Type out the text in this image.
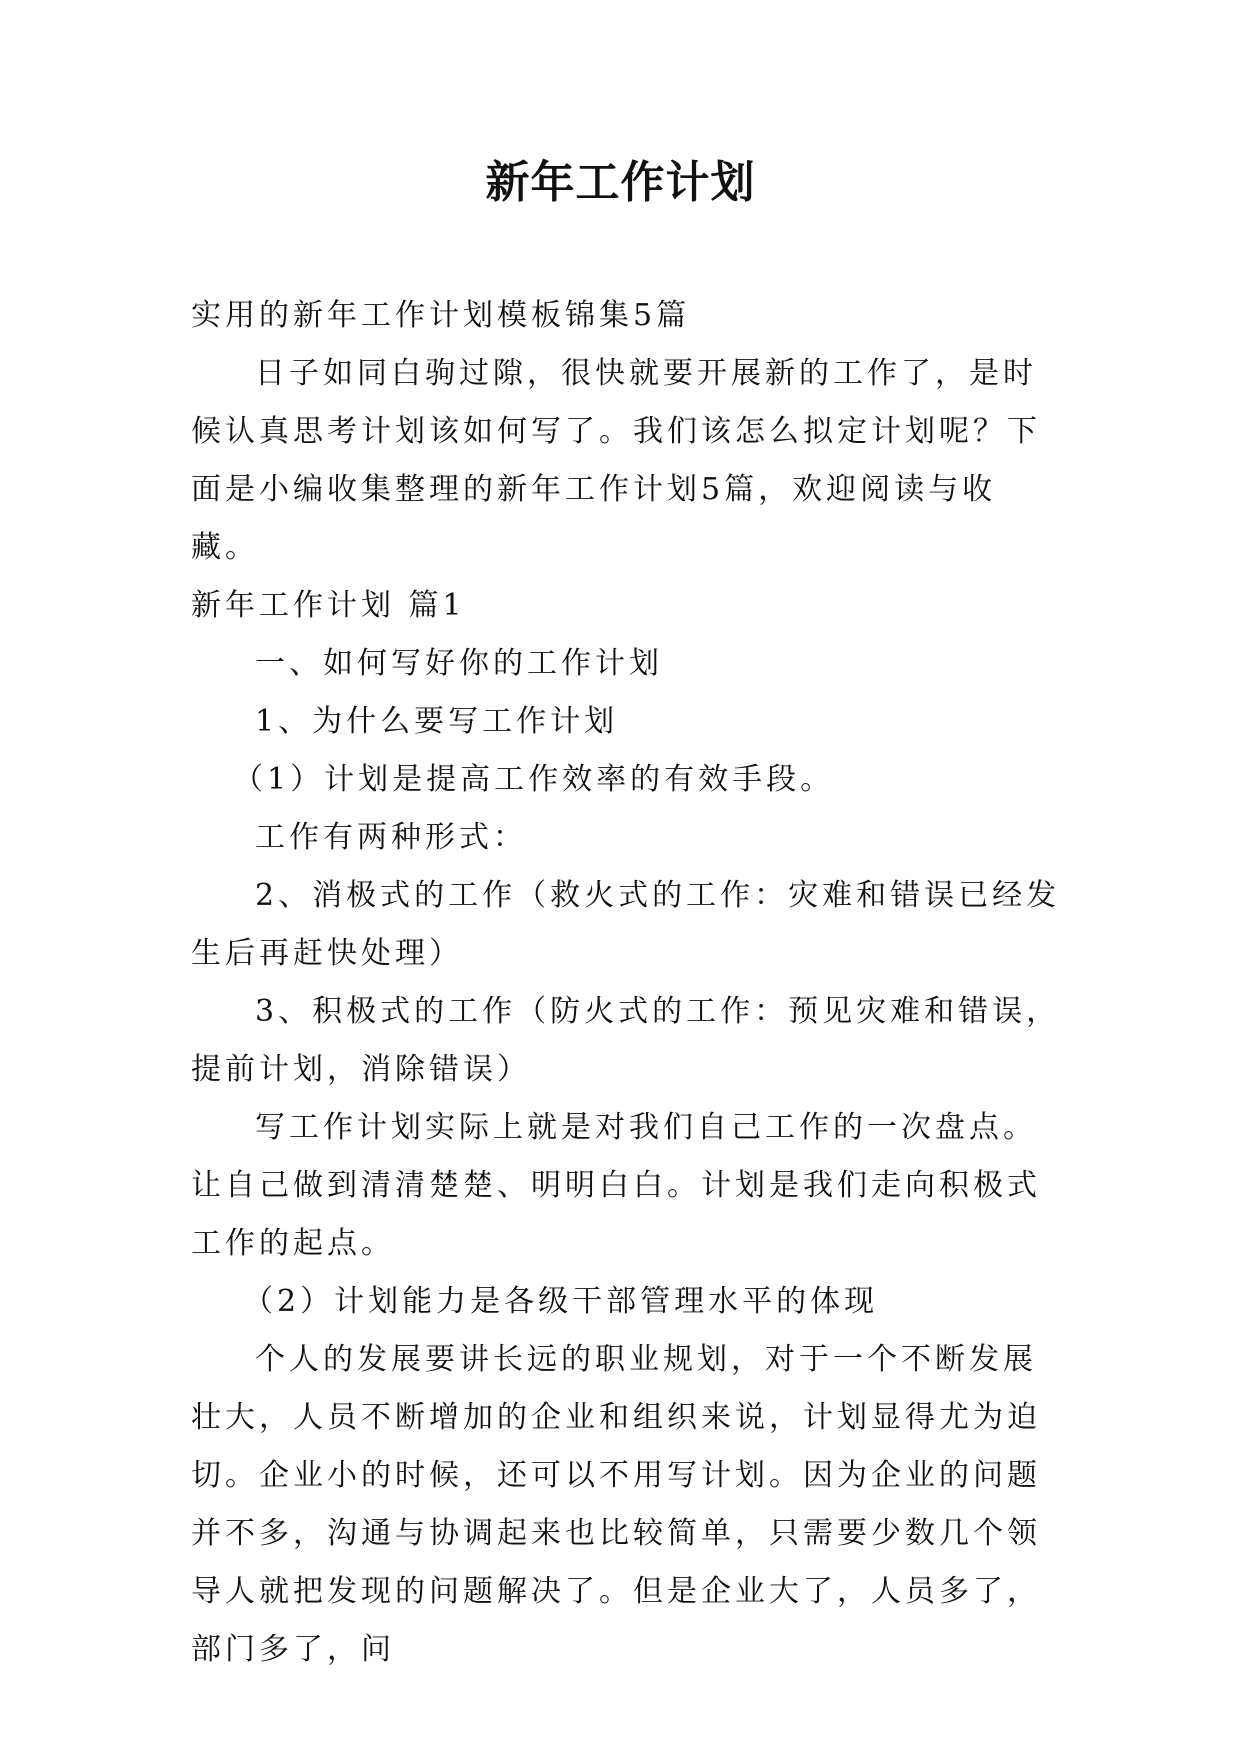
新年工作计划

实用的新年工作计划模板锦集5篇

日子如同白驹过隙，很快就要开展新的工作了，是时候认真思考计划该如何写了。我们该怎么拟定计划呢？下面是小编收集整理的新年工作计划5篇，欢迎阅读与收藏。

新年工作计划 篇1

一、如何写好你的工作计划

1、为什么要写工作计划

（1）计划是提高工作效率的有效手段。

工作有两种形式：

2、消极式的工作（救火式的工作：灾难和错误已经发生后再赶快处理）

3、积极式的工作（防火式的工作：预见灾难和错误，提前计划，消除错误）

写工作计划实际上就是对我们自己工作的一次盘点。让自己做到清清楚楚、明明白白。计划是我们走向积极式工作的起点。

（2）计划能力是各级干部管理水平的体现

个人的发展要讲长远的职业规划，对于一个不断发展壮大，人员不断增加的企业和组织来说，计划显得尤为迫切。企业小的时候，还可以不用写计划。因为企业的问题并不多，沟通与协调起来也比较简单，只需要少数几个领导人就把发现的问题解决了。但是企业大了，人员多了，部门多了，问
